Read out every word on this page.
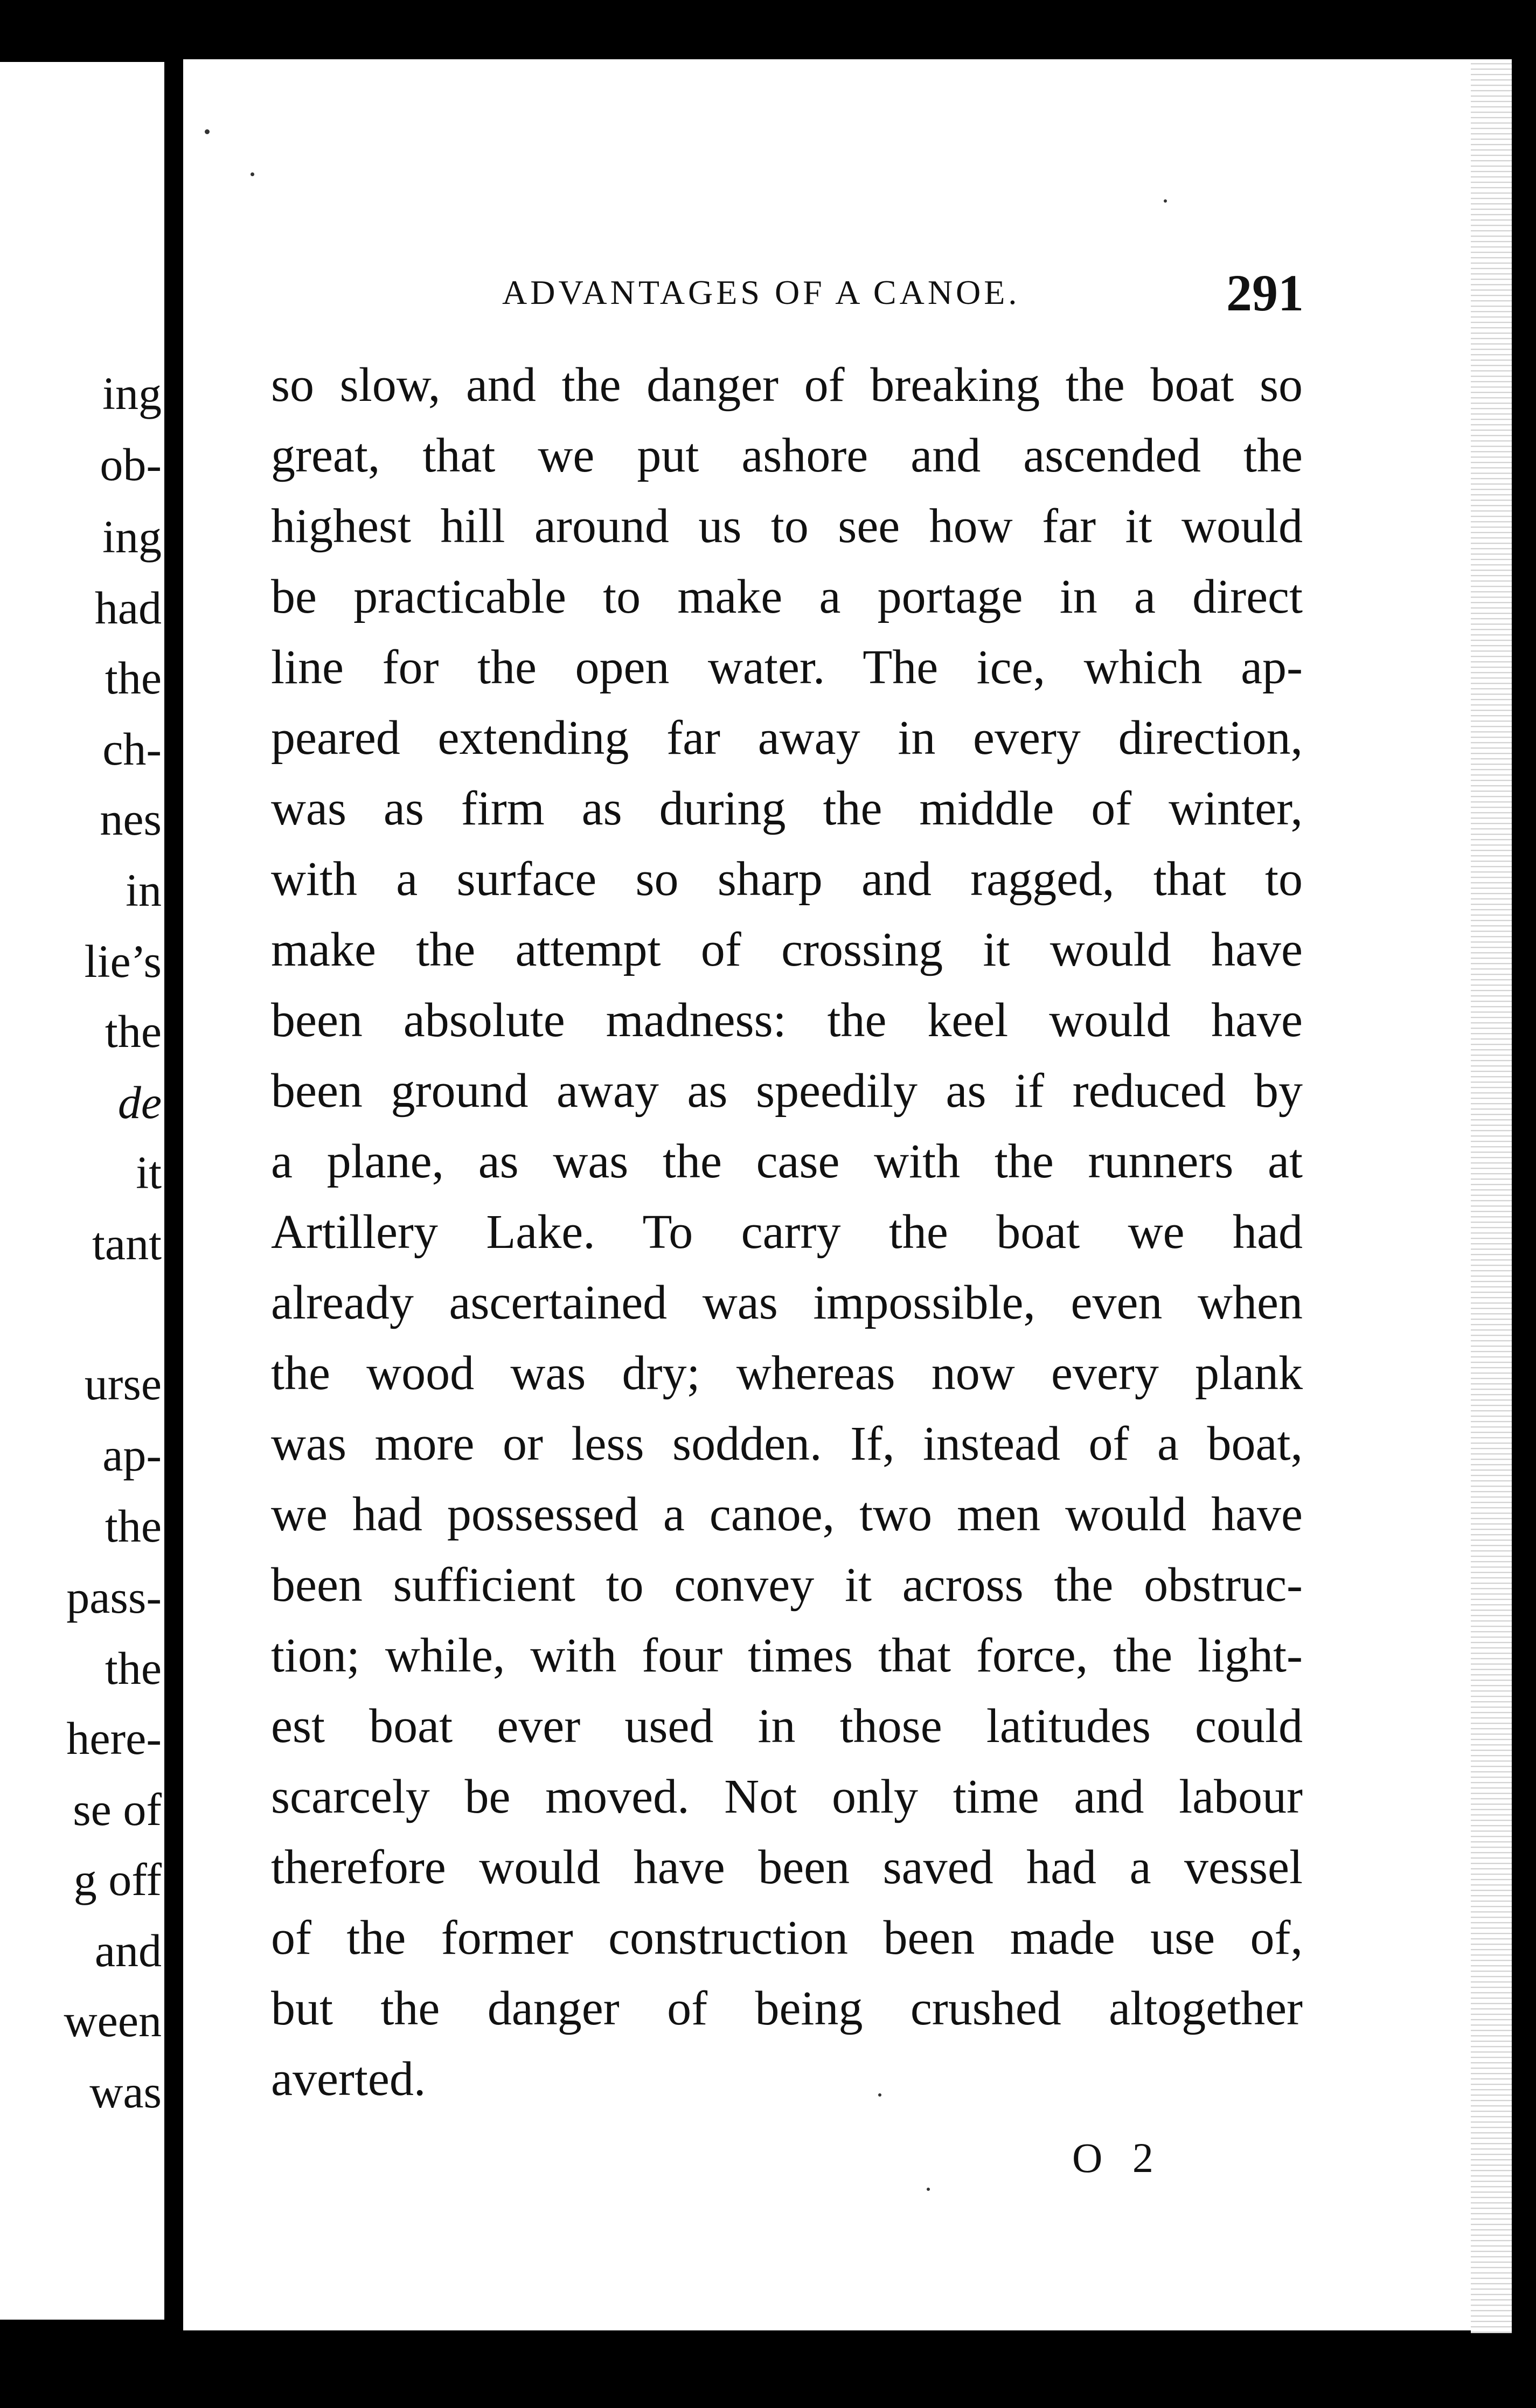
ing
ob-
ing
had
the
ch-
nes
in
lie’s
the
de
it
tant
urse
ap-
the
pass-
the
here-
se of
g off
and
ween
was
ADVANTAGES OF A CANOE.	291
so slow, and the danger of breaking the boat so
great, that we put ashore and ascended the
highest hill around us to see how far it would
be practicable to make a portage in a direct
line for the open water. The ice, which ap-
peared extending far away in every direction,
was as firm as during the middle of winter,
with a surface so sharp and ragged, that to
make the attempt of crossing it would have
been absolute madness: the keel would have
been ground away as speedily as if reduced by
a plane, as was the case with the runners at
Artillery Lake. To carry the boat we had
already ascertained was impossible, even when
the wood was dry; whereas now every plank
was more or less sodden. If, instead of a boat,
we had possessed a canoe, two men would have
been sufficient to convey it across the obstruc-
tion; while, with four times that force, the light-
est boat ever used in those latitudes could
scarcely be moved. Not only time and labour
therefore would have been saved had a vessel
of the former construction been made use of,
but the danger of being crushed altogether
averted.
O 2
